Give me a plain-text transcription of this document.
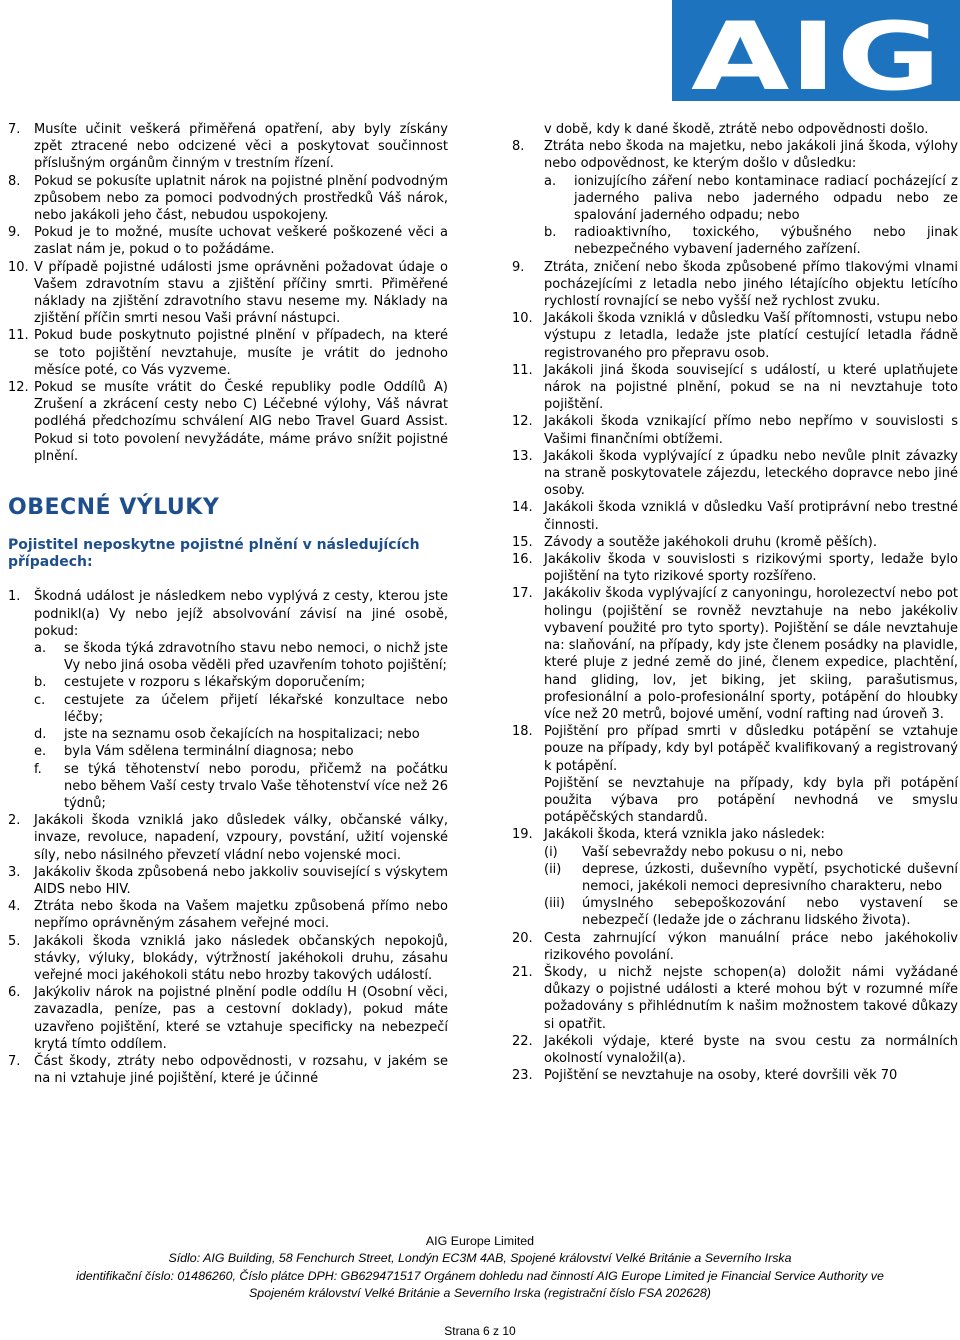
AIG
7.	Musíte učinit veškerá přiměřená opatření, aby byly získány zpět ztracené nebo odcizené věci a poskytovat součinnost příslušným orgánům činným v trestním řízení.
8.	Pokud se pokusíte uplatnit nárok na pojistné plnění podvodným způsobem nebo za pomoci podvodných prostředků Váš nárok, nebo jakákoli jeho část, nebudou uspokojeny.
9.	Pokud je to možné, musíte uchovat veškeré poškozené věci a zaslat nám je, pokud o to požádáme.
10. V případě pojistné události jsme oprávněni požadovat údaje o Vašem zdravotním stavu a zjištění příčiny smrti. Přiměřené náklady na zjištění zdravotního stavu neseme my. Náklady na zjištění příčin smrti nesou Vaši právní nástupci.
11. Pokud bude poskytnuto pojistné plnění v případech, na které se toto pojištění nevztahuje, musíte je vrátit do jednoho měsíce poté, co Vás vyzveme.
12. Pokud se musíte vrátit do České republiky podle Oddílů A) Zrušení a zkrácení cesty nebo C) Léčebné výlohy, Váš návrat podléhá předchozímu schválení AIG nebo Travel Guard Assist. Pokud si toto povolení nevyžádáte, máme právo snížit pojistné plnění.
OBECNÉ VÝLUKY
Pojistitel neposkytne pojistné plnění v následujících případech:
1.	Škodná událost je následkem nebo vyplývá z cesty, kterou jste podnikl(a) Vy nebo jejíž absolvování závisí na jiné osobě, pokud:
a.	se škoda týká zdravotního stavu nebo nemoci, o nichž jste Vy nebo jiná osoba věděli před uzavřením tohoto pojištění;
b.	cestujete v rozporu s lékařským doporučením;
c.	cestujete za účelem přijetí lékařské konzultace nebo léčby;
d.	jste na seznamu osob čekajících na hospitalizaci; nebo
e.	byla Vám sdělena terminální diagnosa; nebo
f.	se týká těhotenství nebo porodu, přičemž na počátku nebo během Vaší cesty trvalo Vaše těhotenství více než 26 týdnů;
2.	Jakákoli škoda vzniklá jako důsledek války, občanské války, invaze, revoluce, napadení, vzpoury, povstání, užití vojenské síly, nebo násilného převzetí vládní nebo vojenské moci.
3.	Jakákoliv škoda způsobená nebo jakkoliv související s výskytem AIDS nebo HIV.
4.	Ztráta nebo škoda na Vašem majetku způsobená přímo nebo nepřímo oprávněným zásahem veřejné moci.
5.	Jakákoli škoda vzniklá jako následek občanských nepokojů, stávky, výluky, blokády, výtržností jakéhokoli druhu, zásahu veřejné moci jakéhokoli státu nebo hrozby takových událostí.
6.	Jakýkoliv nárok na pojistné plnění podle oddílu H (Osobní věci, zavazadla, peníze, pas a cestovní doklady), pokud máte uzavřeno pojištění, které se vztahuje specificky na nebezpečí krytá tímto oddílem.
7.	Část škody, ztráty nebo odpovědnosti, v rozsahu, v jakém se na ni vztahuje jiné pojištění, které je účinné
v době, kdy k dané škodě, ztrátě nebo odpovědnosti došlo.
8.	Ztráta nebo škoda na majetku, nebo jakákoli jiná škoda, výlohy nebo odpovědnost, ke kterým došlo v důsledku:
a.	ionizujícího záření nebo kontaminace radiací pocházející z jaderného paliva nebo jaderného odpadu nebo ze spalování jaderného odpadu; nebo
b.	radioaktivního, toxického, výbušného nebo jinak nebezpečného vybavení jaderného zařízení.
9.	Ztráta, zničení nebo škoda způsobené přímo tlakovými vlnami pocházejícími z letadla nebo jiného létajícího objektu letícího rychlostí rovnající se nebo vyšší než rychlost zvuku.
10. Jakákoli škoda vzniklá v důsledku Vaší přítomnosti, vstupu nebo výstupu z letadla, ledaže jste platící cestující letadla řádně registrovaného pro přepravu osob.
11. Jakákoli jiná škoda související s událostí, u které uplatňujete nárok na pojistné plnění, pokud se na ni nevztahuje toto pojištění.
12. Jakákoli škoda vznikající přímo nebo nepřímo v souvislosti s Vašimi finančními obtížemi.
13. Jakákoli škoda vyplývající z úpadku nebo nevůle plnit závazky na straně poskytovatele zájezdu, leteckého dopravce nebo jiné osoby.
14. Jakákoli škoda vzniklá v důsledku Vaší protiprávní nebo trestné činnosti.
15. Závody a soutěže jakéhokoli druhu (kromě pěších).
16. Jakákoliv škoda v souvislosti s rizikovými sporty, ledaže bylo pojištění na tyto rizikové sporty rozšířeno.
17. Jakákoliv škoda vyplývající z canyoningu, horolezectví nebo pot holingu (pojištění se rovněž nevztahuje na nebo jakékoliv vybavení použité pro tyto sporty). Pojištění se dále nevztahuje na: slaňování, na případy, kdy jste členem posádky na plavidle, které pluje z jedné země do jiné, členem expedice, plachtění, hand gliding, lov, jet biking, jet skiing, parašutismus, profesionální a polo-profesionální sporty, potápění do hloubky více než 20 metrů, bojové umění, vodní rafting nad úroveň 3.
18. Pojištění pro případ smrti v důsledku potápění se vztahuje pouze na případy, kdy byl potápěč kvalifikovaný a registrovaný k potápění.
Pojištění se nevztahuje na případy, kdy byla při potápění použita výbava pro potápění nevhodná ve smyslu potápěčských standardů.
19. Jakákoli škoda, která vznikla jako následek:
(i)	Vaší sebevraždy nebo pokusu o ni, nebo
(ii)	deprese, úzkosti, duševního vypětí, psychotické duševní nemoci, jakékoli nemoci depresivního charakteru, nebo
(iii)	úmyslného sebepoškozování nebo vystavení se nebezpečí (ledaže jde o záchranu lidského života).
20. Cesta zahrnující výkon manuální práce nebo jakéhokoliv rizikového povolání.
21. Škody, u nichž nejste schopen(a) doložit námi vyžádané důkazy o pojistné události a které mohou být v rozumné míře požadovány s přihlédnutím k našim možnostem takové důkazy si opatřit.
22. Jakékoli výdaje, které byste na svou cestu za normálních okolností vynaložil(a).
23. Pojištění se nevztahuje na osoby, které dovršili věk 70
AIG Europe Limited
Sídlo: AIG Building, 58 Fenchurch Street, Londýn EC3M 4AB, Spojené království Velké Británie a Severního Irska
identifikační číslo: 01486260, Číslo plátce DPH: GB629471517 Orgánem dohledu nad činností AIG Europe Limited je Financial Service Authority ve
Spojeném království Velké Británie a Severního Irska (registrační číslo FSA 202628)
Strana 6 z 10
